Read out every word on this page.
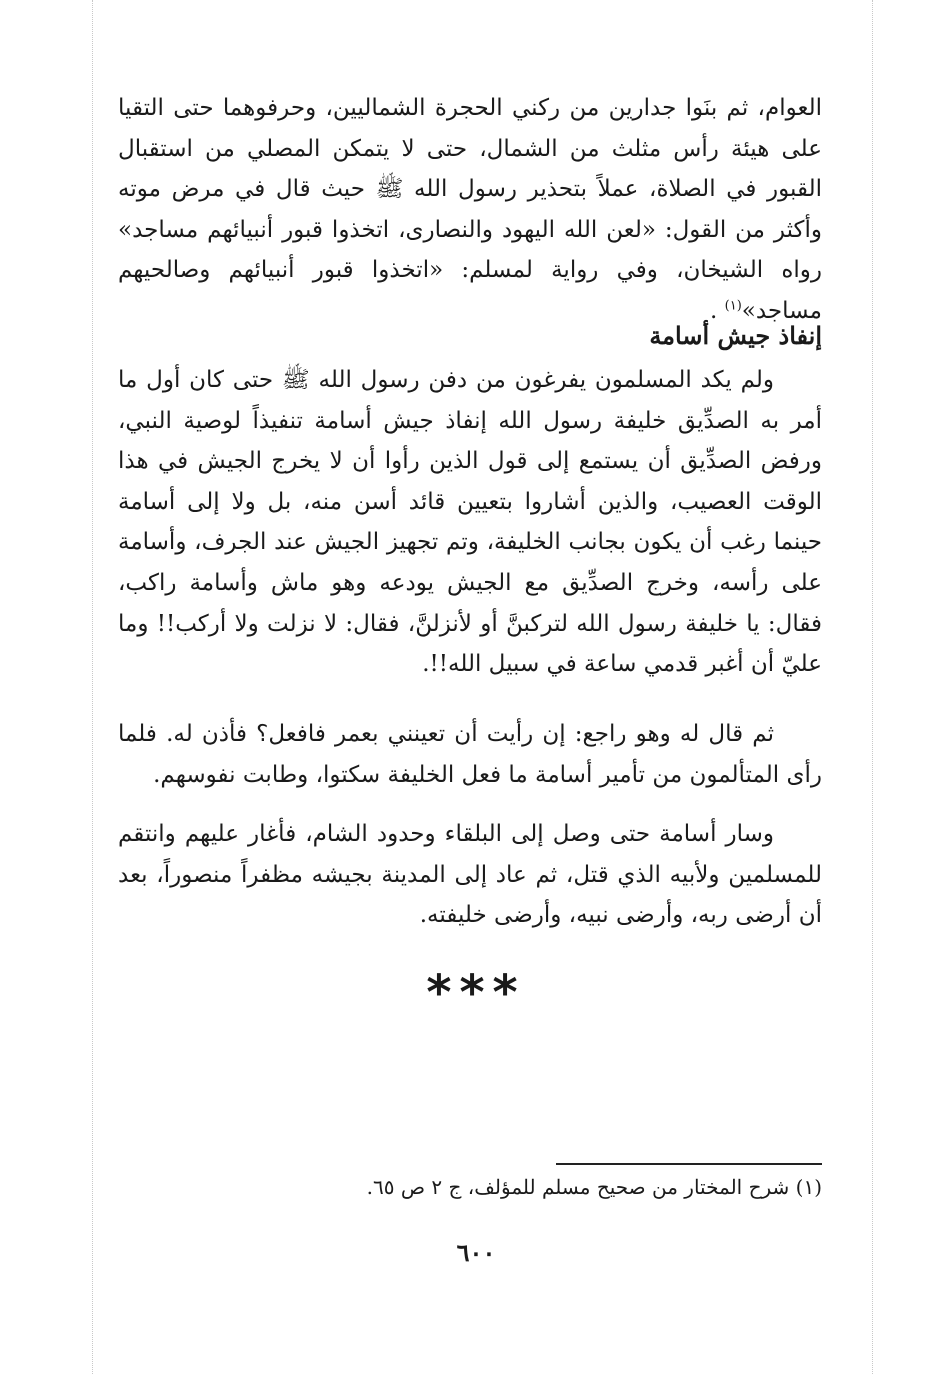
العوام، ثم بنَوا جدارين من ركني الحجرة الشماليين، وحرفوهما حتى التقيا على هيئة رأس مثلث من الشمال، حتى لا يتمكن المصلي من استقبال القبور في الصلاة، عملاً بتحذير رسول الله ﷺ حيث قال في مرض موته وأكثر من القول: «لعن الله اليهود والنصارى، اتخذوا قبور أنبيائهم مساجد» رواه الشيخان، وفي رواية لمسلم: «اتخذوا قبور أنبيائهم وصالحيهم مساجد»$^{(١)}$ .
إنفاذ جيش أسامة
ولم يكد المسلمون يفرغون من دفن رسول الله ﷺ حتى كان أول ما أمر به الصدِّيق خليفة رسول الله إنفاذ جيش أسامة تنفيذاً لوصية النبي، ورفض الصدِّيق أن يستمع إلى قول الذين رأوا أن لا يخرج الجيش في هذا الوقت العصيب، والذين أشاروا بتعيين قائد أسن منه، بل ولا إلى أسامة حينما رغب أن يكون بجانب الخليفة، وتم تجهيز الجيش عند الجرف، وأسامة على رأسه، وخرج الصدِّيق مع الجيش يودعه وهو ماش وأسامة راكب، فقال: يا خليفة رسول الله لتركبنَّ أو لأنزلنَّ، فقال: لا نزلت ولا أركب!! وما عليّ أن أغبر قدمي ساعة في سبيل الله!!.
ثم قال له وهو راجع: إن رأيت أن تعينني بعمر فافعل؟ فأذن له. فلما رأى المتألمون من تأمير أسامة ما فعل الخليفة سكتوا، وطابت نفوسهم.
وسار أسامة حتى وصل إلى البلقاء وحدود الشام، فأغار عليهم وانتقم للمسلمين ولأبيه الذي قتل، ثم عاد إلى المدينة بجيشه مظفراً منصوراً، بعد أن أرضى ربه، وأرضى نبيه، وأرضى خليفته.
***
(١) شرح المختار من صحيح مسلم للمؤلف، ج ٢ ص ٦٥.
٦٠٠
